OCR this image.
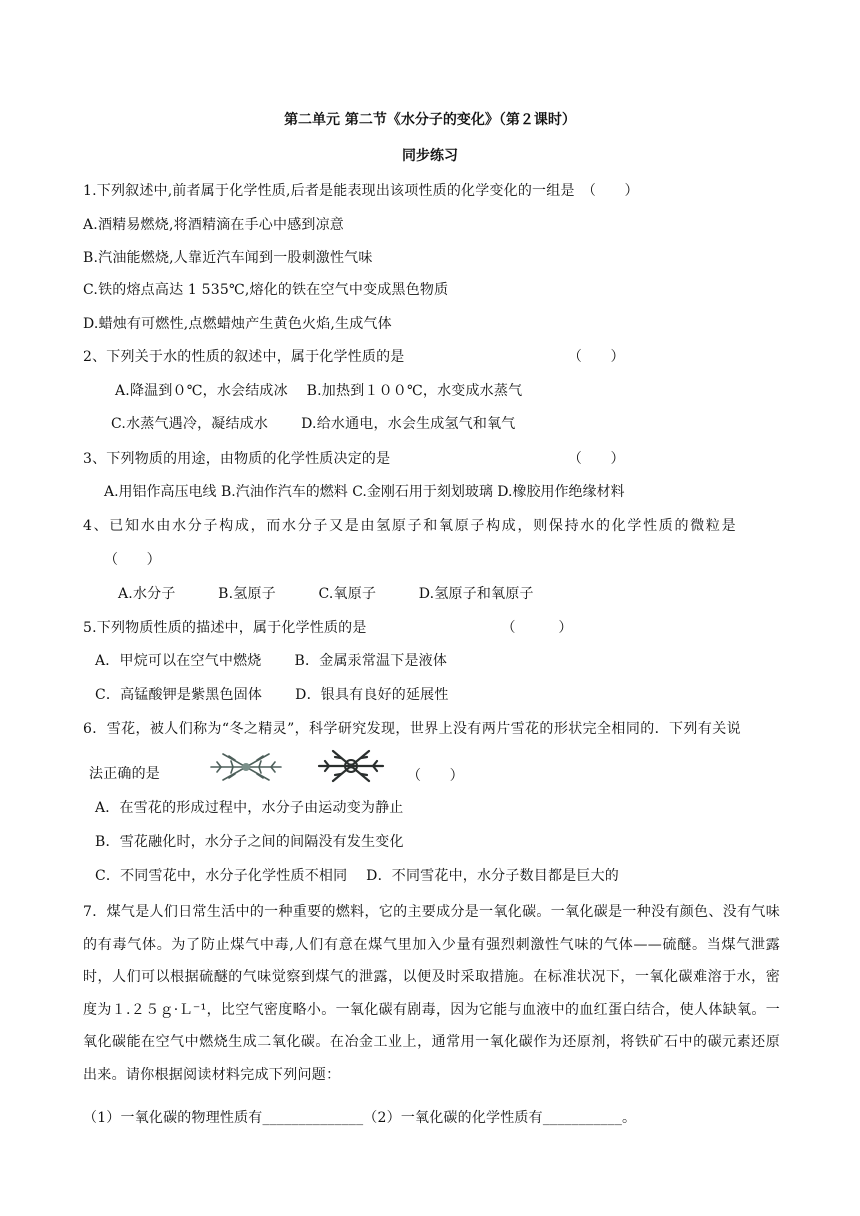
第二单元 第二节《水分子的变化》（第２课时）
同步练习
1.下列叙述中,前者属于化学性质,后者是能表现出该项性质的化学变化的一组是　（　　）
A.酒精易燃烧,将酒精滴在手心中感到凉意
B.汽油能燃烧,人靠近汽车闻到一股刺激性气味
C.铁的熔点高达 1 535℃,熔化的铁在空气中变成黑色物质
D.蜡烛有可燃性,点燃蜡烛产生黄色火焰,生成气体
2、下列关于水的性质的叙述中，属于化学性质的是　　　　　　　　　　　　（　　）
A.降温到０℃，水会结成冰　 B.加热到１００℃，水变成水蒸气
C.水蒸气遇冷，凝结成水　　 D.给水通电，水会生成氢气和氧气
3、下列物质的用途，由物质的化学性质决定的是　　　　　　　　　　　　　（　　）
A.用铝作高压电线 B.汽油作汽车的燃料 C.金刚石用于刻划玻璃 D.橡胶用作绝缘材料
4、已知水由水分子构成，而水分子又是由氢原子和氧原子构成，则保持水的化学性质的微粒是
（　　）
A.水分子　　　B.氢原子　　　C.氧原子　　　D.氢原子和氧原子
5.下列物质性质的描述中，属于化学性质的是　　　　　　　　　　（　　　）
A．甲烷可以在空气中燃烧　　 B．金属汞常温下是液体
C．高锰酸钾是紫黑色固体　　 D．银具有良好的延展性
6．雪花，被人们称为“冬之精灵”，科学研究发现，世界上没有两片雪花的形状完全相同的．下列有关说
法正确的是	（　　）
A．在雪花的形成过程中，水分子由运动变为静止
B．雪花融化时，水分子之间的间隔没有发生变化
C．不同雪花中，水分子化学性质不相同　 D．不同雪花中，水分子数目都是巨大的
7．煤气是人们日常生活中的一种重要的燃料，它的主要成分是一氧化碳。一氧化碳是一种没有颜色、没有气味的有毒气体。为了防止煤气中毒,人们有意在煤气里加入少量有强烈刺激性气味的气体——硫醚。当煤气泄露时，人们可以根据硫醚的气味觉察到煤气的泄露，以便及时采取措施。在标准状况下，一氧化碳难溶于水，密度为１.２５ｇ·Ｌ⁻¹，比空气密度略小。一氧化碳有剧毒，因为它能与血液中的血红蛋白结合，使人体缺氧。一氧化碳能在空气中燃烧生成二氧化碳。在冶金工业上，通常用一氧化碳作为还原剂，将铁矿石中的碳元素还原出来。请你根据阅读材料完成下列问题：
（1）一氧化碳的物理性质有______________（2）一氧化碳的化学性质有___________。
